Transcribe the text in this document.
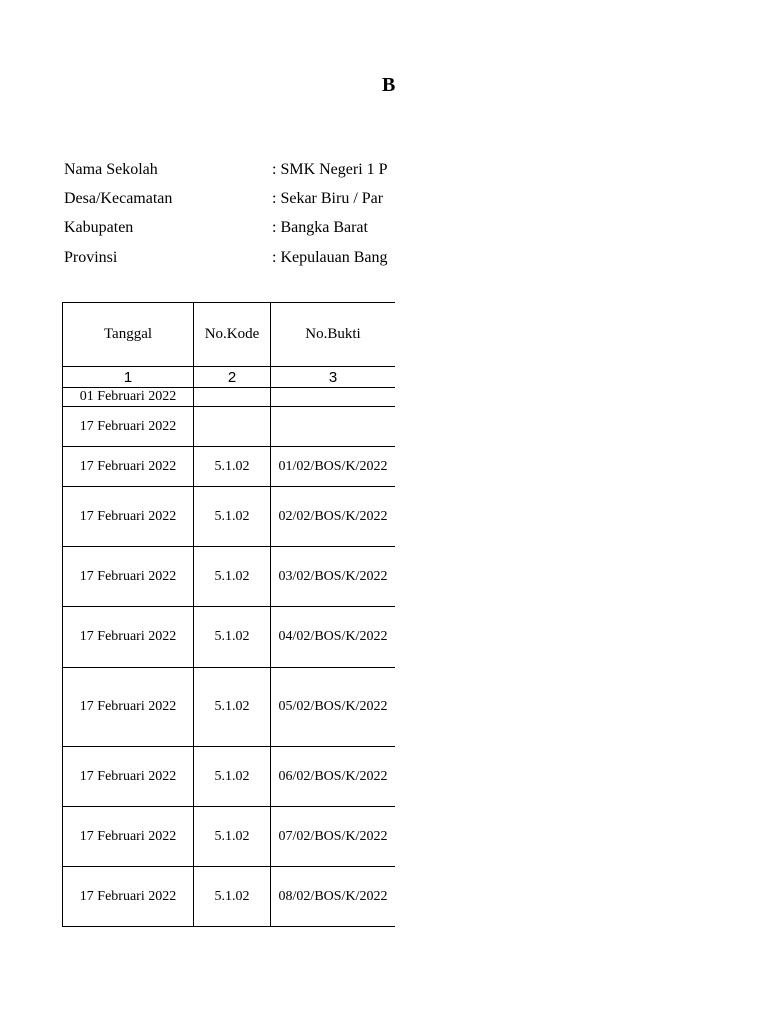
B
Nama Sekolah	: SMK Negeri 1 P
Desa/Kecamatan	: Sekar Biru / Par
Kabupaten	: Bangka Barat
Provinsi	: Kepulauan Bang
Tanggal	No.Kode	No.Bukti
1	2	3
01 Februari 2022		
17 Februari 2022		
17 Februari 2022	5.1.02	01/02/BOS/K/2022
17 Februari 2022	5.1.02	02/02/BOS/K/2022
17 Februari 2022	5.1.02	03/02/BOS/K/2022
17 Februari 2022	5.1.02	04/02/BOS/K/2022
17 Februari 2022	5.1.02	05/02/BOS/K/2022
17 Februari 2022	5.1.02	06/02/BOS/K/2022
17 Februari 2022	5.1.02	07/02/BOS/K/2022
17 Februari 2022	5.1.02	08/02/BOS/K/2022
